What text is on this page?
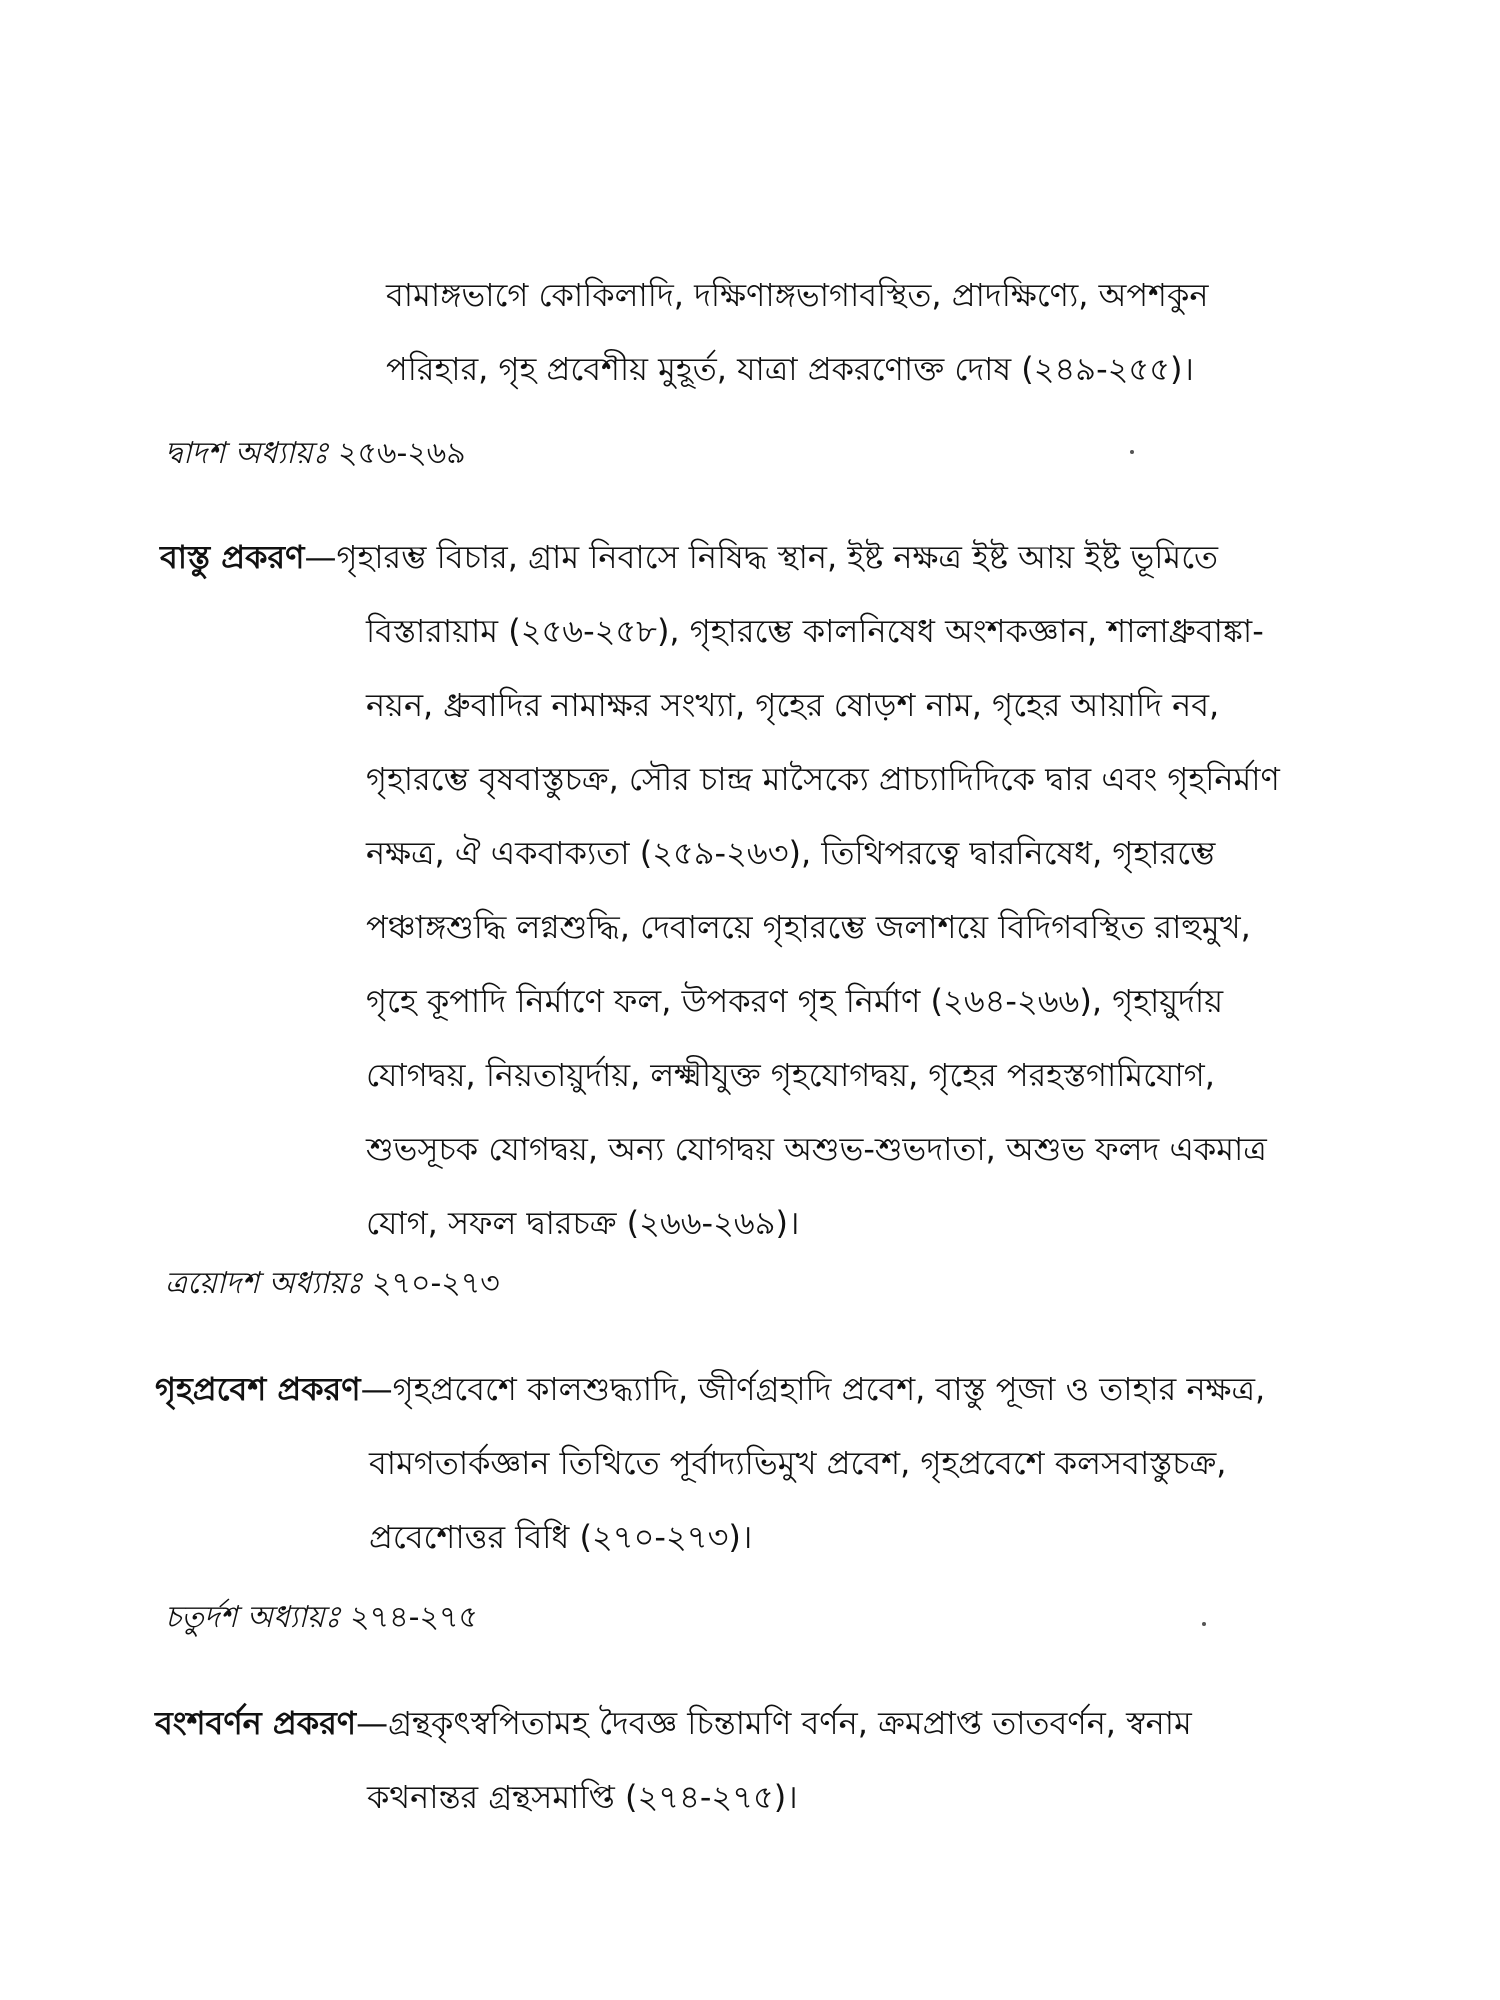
বামাঙ্গভাগে কোকিলাদি, দক্ষিণাঙ্গভাগাবস্থিত, প্রাদক্ষিণ্যে, অপশকুন

পরিহার, গৃহ প্রবেশীয় মুহূর্ত, যাত্রা প্রকরণোক্ত দোষ (২৪৯-২৫৫)।

দ্বাদশ অধ্যায়ঃ ২৫৬-২৬৯

বাস্তু প্রকরণ—গৃহারম্ভ বিচার, গ্রাম নিবাসে নিষিদ্ধ স্থান, ইষ্ট নক্ষত্র ইষ্ট আয় ইষ্ট ভূমিতে

বিস্তারায়াম (২৫৬-২৫৮), গৃহারম্ভে কালনিষেধ অংশকজ্ঞান, শালাধ্রুবাঙ্কা-

নয়ন, ধ্রুবাদির নামাক্ষর সংখ্যা, গৃহের ষোড়শ নাম, গৃহের আয়াদি নব,

গৃহারম্ভে বৃষবাস্তুচক্র, সৌর চান্দ্র মাসৈক্যে প্রাচ্যাদিদিকে দ্বার এবং গৃহনির্মাণ

নক্ষত্র, ঐ একবাক্যতা (২৫৯-২৬৩), তিথিপরত্বে দ্বারনিষেধ, গৃহারম্ভে

পঞ্চাঙ্গশুদ্ধি লগ্নশুদ্ধি, দেবালয়ে গৃহারম্ভে জলাশয়ে বিদিগবস্থিত রাহুমুখ,

গৃহে কূপাদি নির্মাণে ফল, উপকরণ গৃহ নির্মাণ (২৬৪-২৬৬), গৃহায়ুর্দায়

যোগদ্বয়, নিয়তায়ুর্দায়, লক্ষ্মীযুক্ত গৃহযোগদ্বয়, গৃহের পরহস্তগামিযোগ,

শুভসূচক যোগদ্বয়, অন্য যোগদ্বয় অশুভ-শুভদাতা, অশুভ ফলদ একমাত্র

যোগ, সফল দ্বারচক্র (২৬৬-২৬৯)।

ত্রয়োদশ অধ্যায়ঃ ২৭০-২৭৩

গৃহপ্রবেশ প্রকরণ—গৃহপ্রবেশে কালশুদ্ধ্যাদি, জীর্ণগ্রহাদি প্রবেশ, বাস্তু পূজা ও তাহার নক্ষত্র,

বামগতার্কজ্ঞান তিথিতে পূর্বাদ্যভিমুখ প্রবেশ, গৃহপ্রবেশে কলসবাস্তুচক্র,

প্রবেশোত্তর বিধি (২৭০-২৭৩)।

চতুর্দশ অধ্যায়ঃ ২৭৪-২৭৫

বংশবর্ণন প্রকরণ—গ্রন্থকৃৎস্বপিতামহ দৈবজ্ঞ চিন্তামণি বর্ণন, ক্রমপ্রাপ্ত তাতবর্ণন, স্বনাম

কথনান্তর গ্রন্থসমাপ্তি (২৭৪-২৭৫)।
